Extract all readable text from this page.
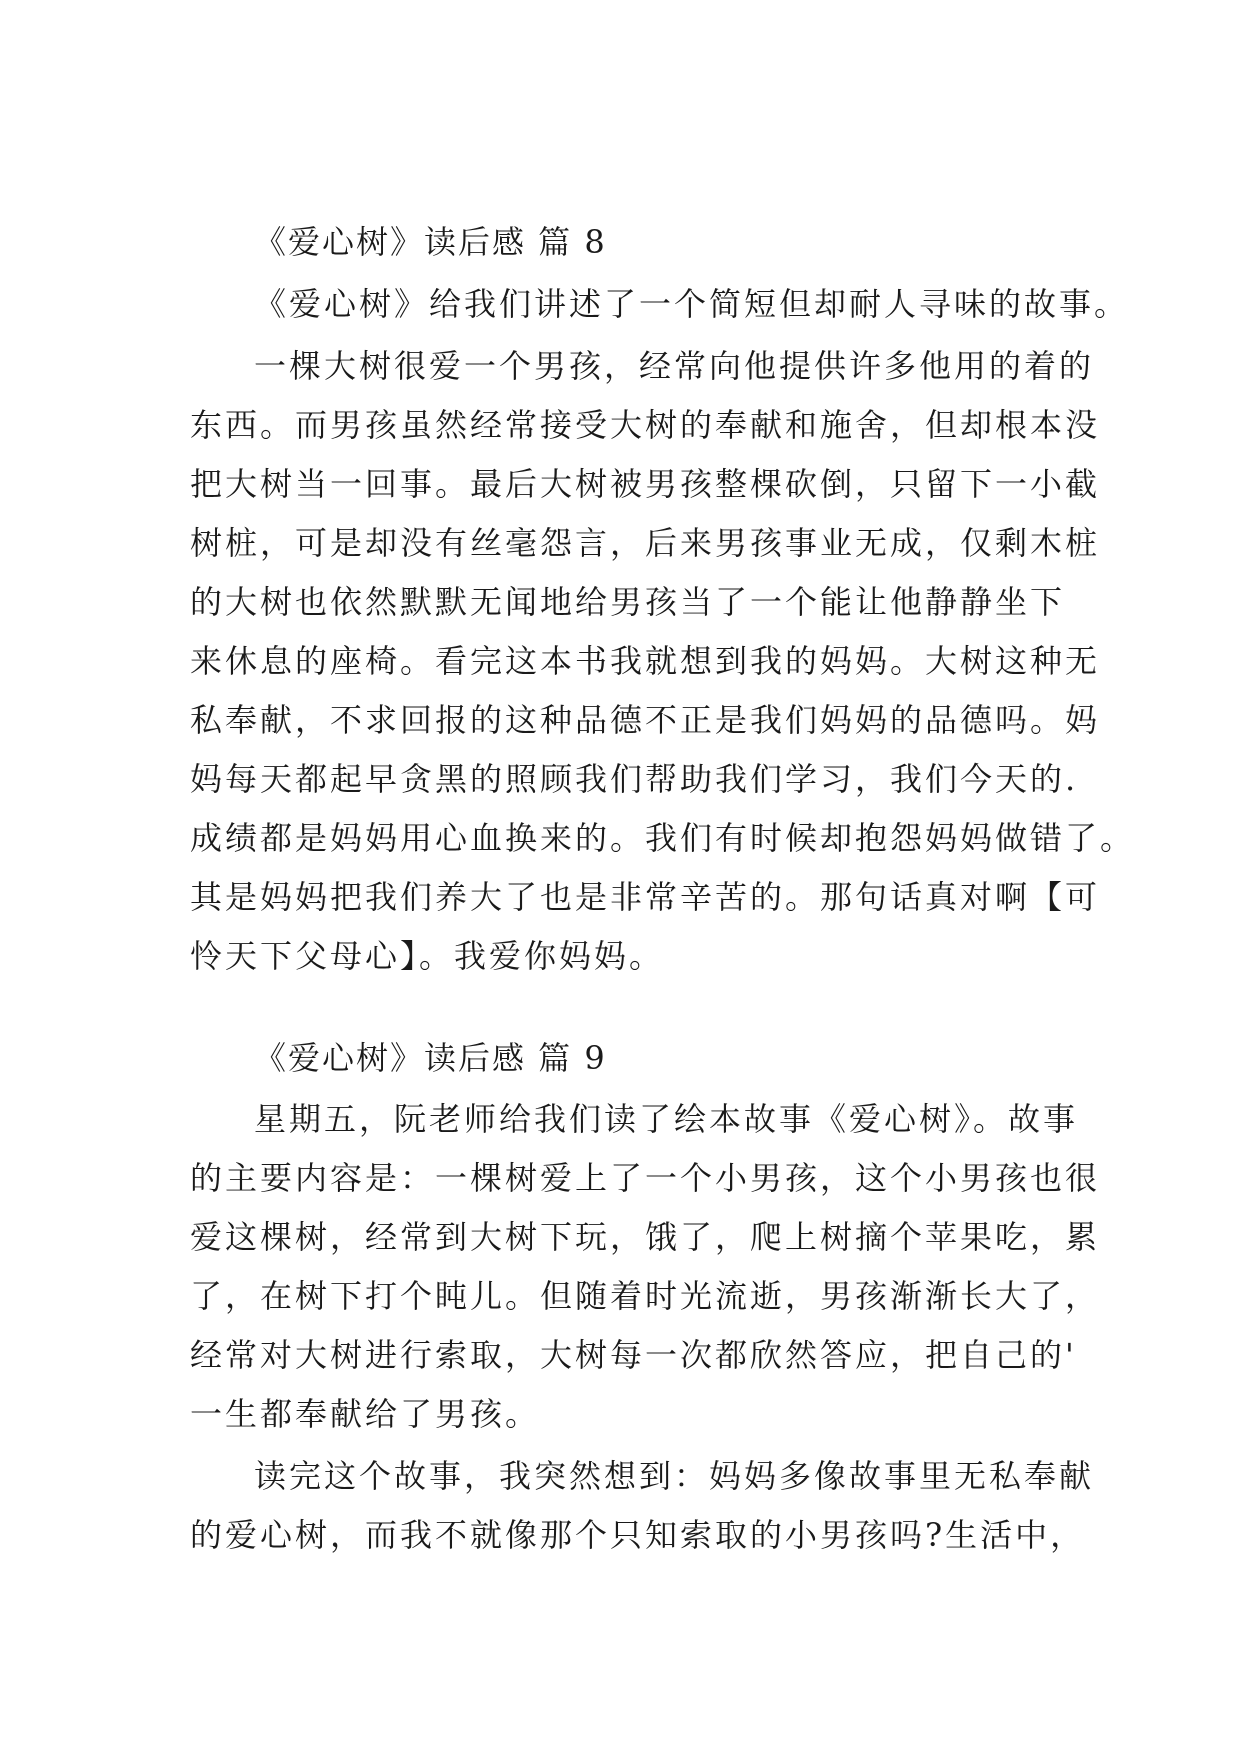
《爱心树》读后感 篇 8
《爱心树》给我们讲述了一个简短但却耐人寻味的故事。
一棵大树很爱一个男孩，经常向他提供许多他用的着的
东西。而男孩虽然经常接受大树的奉献和施舍，但却根本没
把大树当一回事。最后大树被男孩整棵砍倒，只留下一小截
树桩，可是却没有丝毫怨言，后来男孩事业无成，仅剩木桩
的大树也依然默默无闻地给男孩当了一个能让他静静坐下
来休息的座椅。看完这本书我就想到我的妈妈。大树这种无
私奉献，不求回报的这种品德不正是我们妈妈的品德吗。妈
妈每天都起早贪黑的照顾我们帮助我们学习，我们今天的.
成绩都是妈妈用心血换来的。我们有时候却抱怨妈妈做错了。
其是妈妈把我们养大了也是非常辛苦的。那句话真对啊【可
怜天下父母心】。我爱你妈妈。
《爱心树》读后感 篇 9
星期五，阮老师给我们读了绘本故事《爱心树》。故事
的主要内容是：一棵树爱上了一个小男孩，这个小男孩也很
爱这棵树，经常到大树下玩，饿了，爬上树摘个苹果吃，累
了，在树下打个盹儿。但随着时光流逝，男孩渐渐长大了，
经常对大树进行索取，大树每一次都欣然答应，把自己的'
一生都奉献给了男孩。
读完这个故事，我突然想到：妈妈多像故事里无私奉献
的爱心树，而我不就像那个只知索取的小男孩吗?生活中，
